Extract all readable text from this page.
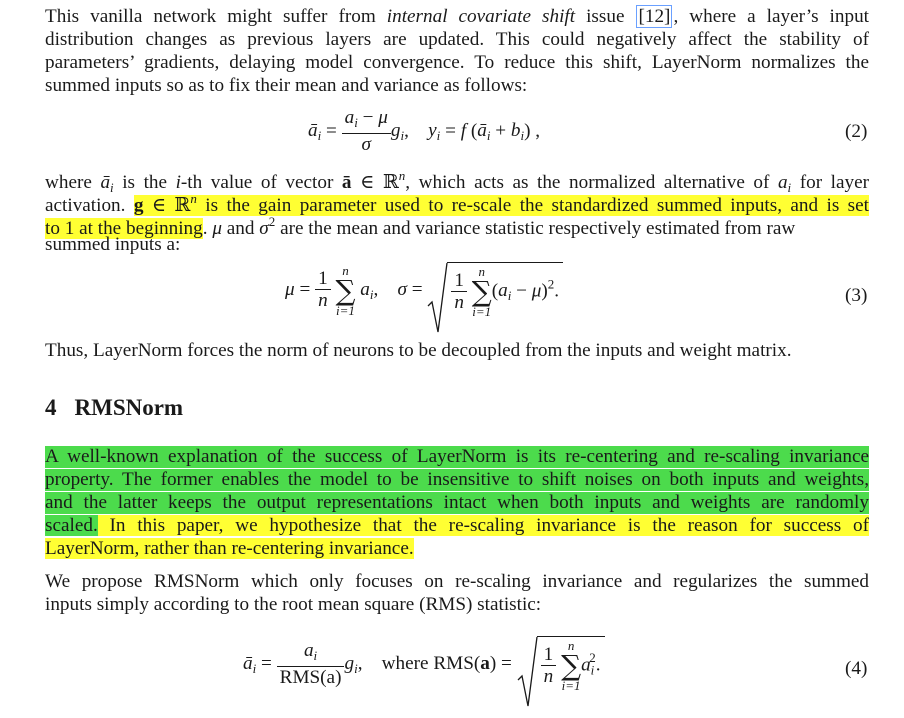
This vanilla network might suffer from internal covariate shift issue [12] , where a layer’s input
distribution changes as previous layers are updated. This could negatively affect the stability of
parameters’ gradients, delaying model convergence. To reduce this shift, LayerNorm normalizes the
summed inputs so as to fix their mean and variance as follows:
$ā_i = \frac{a_i - \mu}{\sigma} g_i$,    $y_i = f$ $(ā_i + b_i)$ ,	(2)
where $ā_i$ is the i-th value of vector ā ∈ ℝ$^n$, which acts as the normalized alternative of $a_i$ for layer
activation. g ∈ ℝ$^n$ is the gain parameter used to re-scale the standardized summed inputs, and is set
to 1 at the beginning. μ and $\sigma^2$ are the mean and variance statistic respectively estimated from raw
summed inputs a:
$\mu = \frac{1}{n}$
n
∑
i=1
$a_i$,    $\sigma = \frac{1}{n}$
n
∑
i=1
$(a_i - \mu)^2$.	(3)
Thus, LayerNorm forces the norm of neurons to be decoupled from the inputs and weight matrix.
4 RMSNorm
A well-known explanation of the success of LayerNorm is its re-centering and re-scaling invariance
property. The former enables the model to be insensitive to shift noises on both inputs and weights,
and the latter keeps the output representations intact when both inputs and weights are randomly
scaled. In this paper, we hypothesize that the re-scaling invariance is the reason for success of
LayerNorm, rather than re-centering invariance.
We propose RMSNorm which only focuses on re-scaling invariance and regularizes the summed
inputs simply according to the root mean square (RMS) statistic:
$ā_i = \frac{a_i}{\text{RMS(a)}} g_i$,    where $RMS(a) = \frac{1}{n}$
n
∑
i=1
$a_i^2$.	(4)
